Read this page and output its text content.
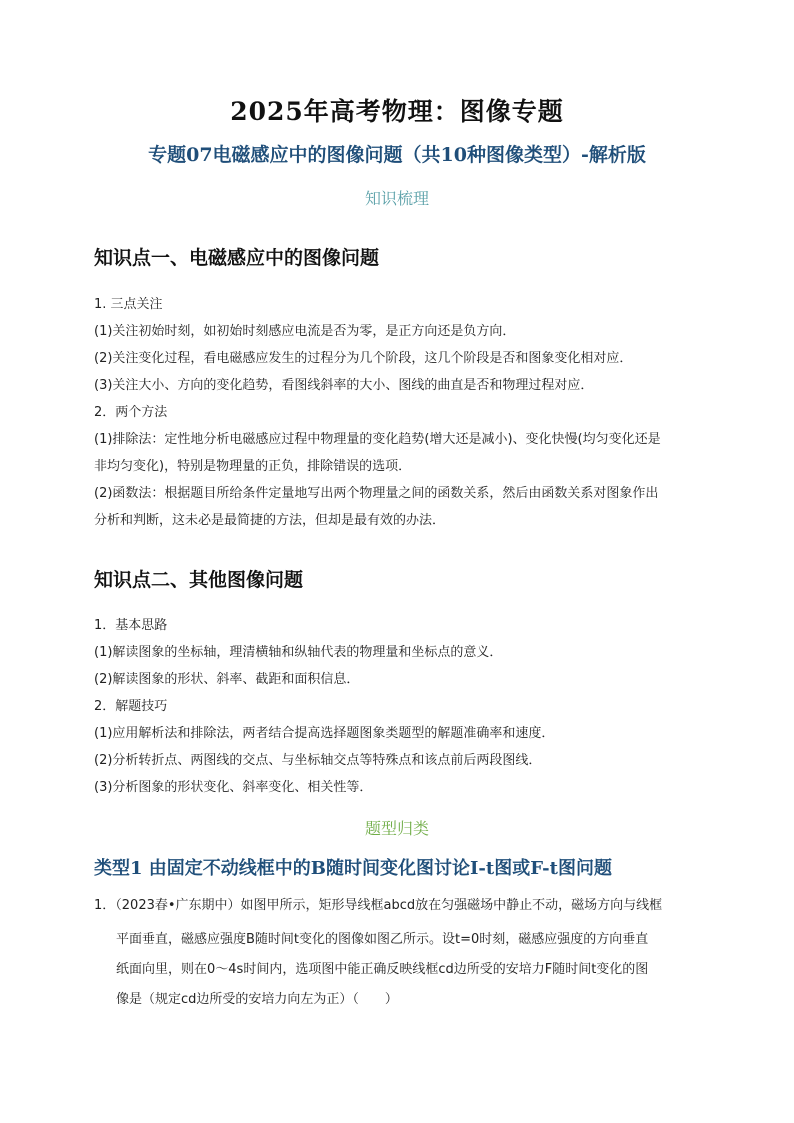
2025年高考物理：图像专题
专题07电磁感应中的图像问题（共10种图像类型）-解析版
知识梳理
知识点一、电磁感应中的图像问题
1. 三点关注
(1)关注初始时刻，如初始时刻感应电流是否为零，是正方向还是负方向．
(2)关注变化过程，看电磁感应发生的过程分为几个阶段，这几个阶段是否和图象变化相对应．
(3)关注大小、方向的变化趋势，看图线斜率的大小、图线的曲直是否和物理过程对应．
2．两个方法
(1)排除法：定性地分析电磁感应过程中物理量的变化趋势(增大还是减小)、变化快慢(均匀变化还是
非均匀变化)，特别是物理量的正负，排除错误的选项．
(2)函数法：根据题目所给条件定量地写出两个物理量之间的函数关系，然后由函数关系对图象作出
分析和判断，这未必是最简捷的方法，但却是最有效的办法．
知识点二、其他图像问题
1．基本思路
(1)解读图象的坐标轴，理清横轴和纵轴代表的物理量和坐标点的意义．
(2)解读图象的形状、斜率、截距和面积信息．
2．解题技巧
(1)应用解析法和排除法，两者结合提高选择题图象类题型的解题准确率和速度．
(2)分析转折点、两图线的交点、与坐标轴交点等特殊点和该点前后两段图线．
(3)分析图象的形状变化、斜率变化、相关性等．
题型归类
类型1 由固定不动线框中的B随时间变化图讨论I-t图或F-t图问题
1．（2023春•广东期中）如图甲所示，矩形导线框abcd放在匀强磁场中静止不动，磁场方向与线框
平面垂直，磁感应强度B随时间t变化的图像如图乙所示。设t=0时刻，磁感应强度的方向垂直
纸面向里，则在0～4s时间内，选项图中能正确反映线框cd边所受的安培力F随时间t变化的图
像是（规定cd边所受的安培力向左为正）（　　）
